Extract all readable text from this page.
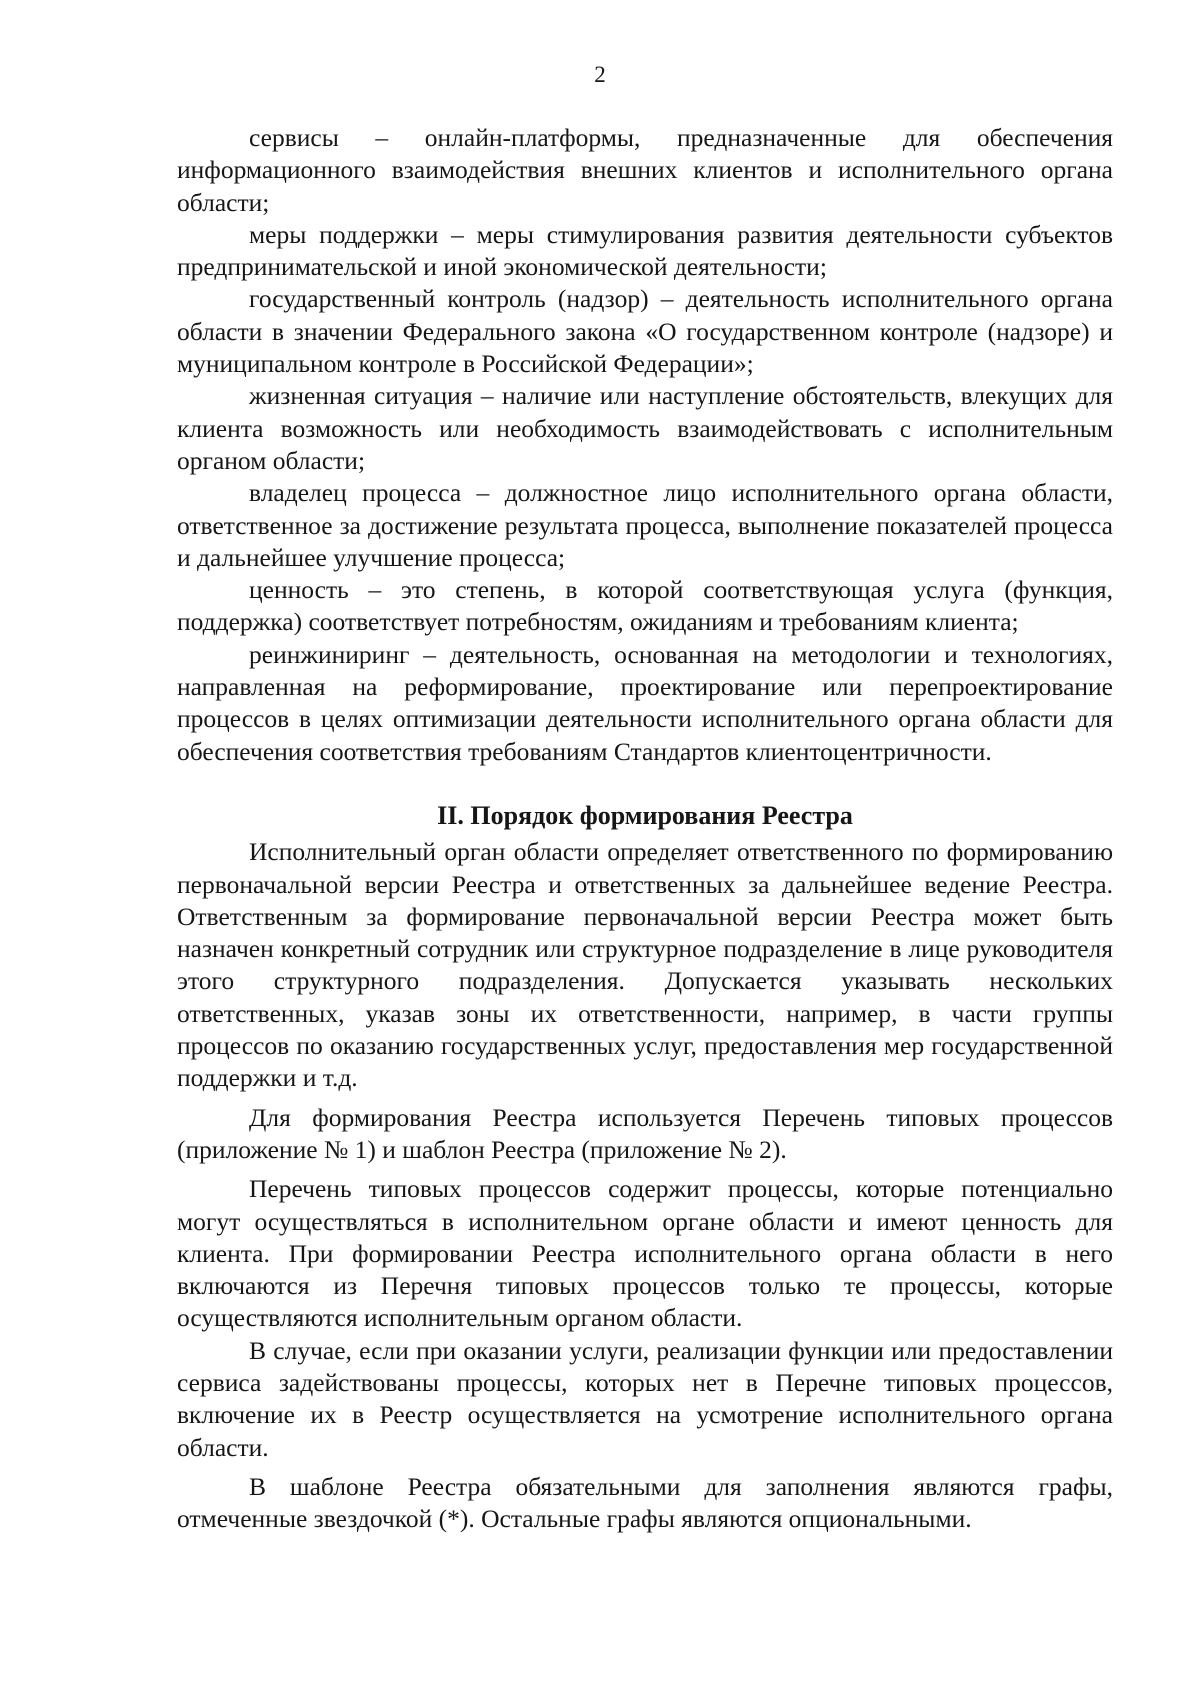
2

сервисы – онлайн-платформы, предназначенные для обеспечения информационного взаимодействия внешних клиентов и исполнительного органа области;

меры поддержки – меры стимулирования развития деятельности субъектов предпринимательской и иной экономической деятельности;

государственный контроль (надзор) – деятельность исполнительного органа области в значении Федерального закона «О государственном контроле (надзоре) и муниципальном контроле в Российской Федерации»;

жизненная ситуация – наличие или наступление обстоятельств, влекущих для клиента возможность или необходимость взаимодействовать с исполнительным органом области;

владелец процесса – должностное лицо исполнительного органа области, ответственное за достижение результата процесса, выполнение показателей процесса и дальнейшее улучшение процесса;

ценность – это степень, в которой соответствующая услуга (функция, поддержка) соответствует потребностям, ожиданиям и требованиям клиента;

реинжиниринг – деятельность, основанная на методологии и технологиях, направленная на реформирование, проектирование или перепроектирование процессов в целях оптимизации деятельности исполнительного органа области для обеспечения соответствия требованиям Стандартов клиентоцентричности.

II. Порядок формирования Реестра

Исполнительный орган области определяет ответственного по формированию первоначальной версии Реестра и ответственных за дальнейшее ведение Реестра. Ответственным за формирование первоначальной версии Реестра может быть назначен конкретный сотрудник или структурное подразделение в лице руководителя этого структурного подразделения. Допускается указывать нескольких ответственных, указав зоны их ответственности, например, в части группы процессов по оказанию государственных услуг, предоставления мер государственной поддержки и т.д.

Для формирования Реестра используется Перечень типовых процессов (приложение № 1) и шаблон Реестра (приложение № 2).

Перечень типовых процессов содержит процессы, которые потенциально могут осуществляться в исполнительном органе области и имеют ценность для клиента. При формировании Реестра исполнительного органа области в него включаются из Перечня типовых процессов только те процессы, которые осуществляются исполнительным органом области.

В случае, если при оказании услуги, реализации функции или предоставлении сервиса задействованы процессы, которых нет в Перечне типовых процессов, включение их в Реестр осуществляется на усмотрение исполнительного органа области.

В шаблоне Реестра обязательными для заполнения являются графы, отмеченные звездочкой (*). Остальные графы являются опциональными.
